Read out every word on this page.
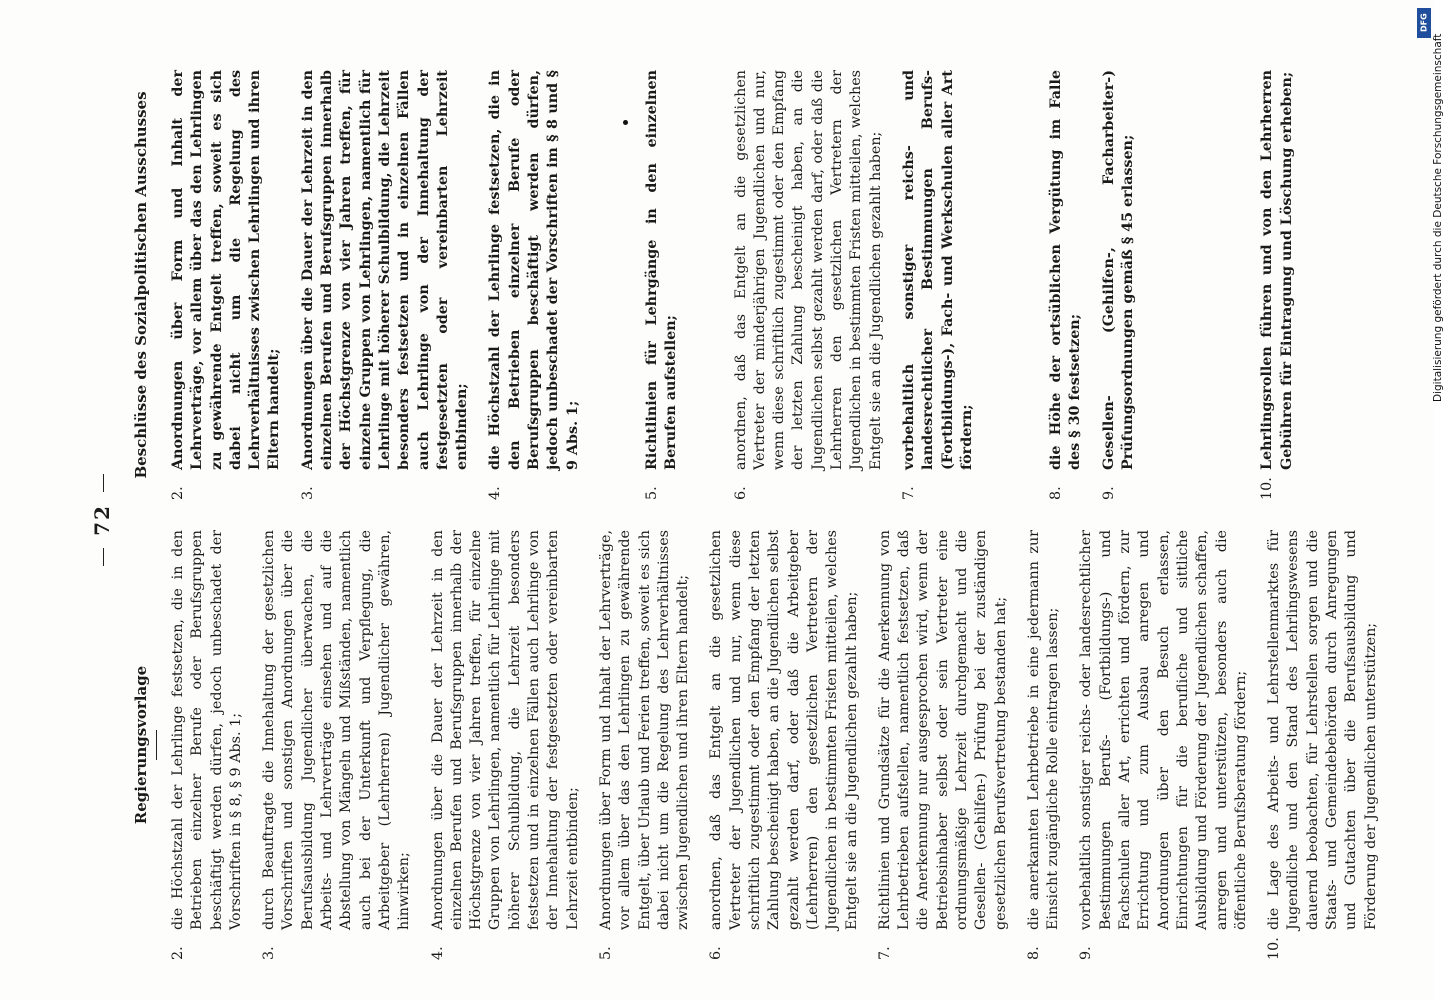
72
Regierungsvorlage
2.
die Höchstzahl der Lehrlinge festsetzen, die in den Betrieben einzelner Berufe oder Berufsgruppen beschäftigt werden dürfen, jedoch unbeschadet der Vorschriften in § 8, § 9 Abs. 1;
3.
durch Beauftragte die Innehaltung der gesetzlichen Vorschriften und sonstigen Anordnungen über die Berufsausbildung Jugendlicher überwachen, die Arbeits- und Lehrverträge einsehen und auf die Abstellung von Mängeln und Mißständen, namentlich auch bei der Unterkunft und Verpflegung, die Arbeitgeber (Lehrherren) Jugendlicher gewähren, hinwirken;
4.
Anordnungen über die Dauer der Lehrzeit in den einzelnen Berufen und Berufsgruppen innerhalb der Höchstgrenze von vier Jahren treffen, für einzelne Gruppen von Lehrlingen, namentlich für Lehrlinge mit höherer Schulbildung, die Lehrzeit besonders festsetzen und in einzelnen Fällen auch Lehrlinge von der Innehaltung der festgesetzten oder vereinbarten Lehrzeit entbinden;
5.
Anordnungen über Form und Inhalt der Lehrverträge, vor allem über das den Lehrlingen zu gewährende Entgelt, über Urlaub und Ferien treffen, soweit es sich dabei nicht um die Regelung des Lehrverhältnisses zwischen Jugendlichen und ihren Eltern handelt;
6.
anordnen, daß das Entgelt an die gesetzlichen Vertreter der Jugendlichen und nur, wenn diese schriftlich zugestimmt oder den Empfang der letzten Zahlung bescheinigt haben, an die Jugendlichen selbst gezahlt werden darf, oder daß die Arbeitgeber (Lehrherren) den gesetzlichen Vertretern der Jugendlichen in bestimmten Fristen mitteilen, welches Entgelt sie an die Jugendlichen gezahlt haben;
7.
Richtlinien und Grundsätze für die Anerkennung von Lehrbetrieben aufstellen, namentlich festsetzen, daß die Anerkennung nur ausgesprochen wird, wenn der Betriebsinhaber selbst oder sein Vertreter eine ordnungsmäßige Lehrzeit durchgemacht und die Gesellen- (Gehilfen-) Prüfung bei der zuständigen gesetzlichen Berufsvertretung bestanden hat;
8.
die anerkannten Lehrbetriebe in eine jedermann zur Einsicht zugängliche Rolle eintragen lassen;
9.
vorbehaltlich sonstiger reichs- oder landesrechtlicher Bestimmungen Berufs- (Fortbildungs-) und Fachschulen aller Art, errichten und fördern, zur Errichtung und zum Ausbau anregen und Anordnungen über den Besuch erlassen, Einrichtungen für die berufliche und sittliche Ausbildung und Förderung der Jugendlichen schaffen, anregen und unterstützen, besonders auch die öffentliche Berufsberatung fördern;
10.
die Lage des Arbeits- und Lehrstellenmarktes für Jugendliche und den Stand des Lehrlingswesens dauernd beobachten, für Lehrstellen sorgen und die Staats- und Gemeindebehörden durch Anregungen und Gutachten über die Berufsausbildung und Förderung der Jugendlichen unterstützen;
Beschlüsse des Sozialpolitischen Ausschusses
2.
Anordnungen über Form und Inhalt der Lehrverträge, vor allem über das den Lehrlingen zu gewährende Entgelt treffen, soweit es sich dabei nicht um die Regelung des Lehrverhältnisses zwischen Lehrlingen und ihren Eltern handelt;
3.
Anordnungen über die Dauer der Lehrzeit in den einzelnen Berufen und Berufsgruppen innerhalb der Höchstgrenze von vier Jahren treffen, für einzelne Gruppen von Lehrlingen, namentlich für Lehrlinge mit höherer Schulbildung, die Lehrzeit besonders festsetzen und in einzelnen Fällen auch Lehrlinge von der Innehaltung der festgesetzten oder vereinbarten Lehrzeit entbinden;
4.
die Höchstzahl der Lehrlinge festsetzen, die in den Betrieben einzelner Berufe oder Berufsgruppen beschäftigt werden dürfen, jedoch unbeschadet der Vorschriften im § 8 und § 9 Abs. 1;
5.
Richtlinien für Lehrgänge in den einzelnen Berufen aufstellen;
6.
anordnen, daß das Entgelt an die gesetzlichen Vertreter der minderjährigen Jugendlichen und nur, wenn diese schriftlich zugestimmt oder den Empfang der letzten Zahlung bescheinigt haben, an die Jugendlichen selbst gezahlt werden darf, oder daß die Lehrherren den gesetzlichen Vertretern der Jugendlichen in bestimmten Fristen mitteilen, welches Entgelt sie an die Jugendlichen gezahlt haben;
7.
vorbehaltlich sonstiger reichs- und landesrechtlicher Bestimmungen Berufs- (Fortbildungs-), Fach- und Werkschulen aller Art fördern;
8.
die Höhe der ortsüblichen Vergütung im Falle des § 30 festsetzen;
9.
Gesellen- (Gehilfen-, Facharbeiter-) Prüfungsordnungen gemäß § 45 erlassen;
10.
Lehrlingsrollen führen und von den Lehrherren Gebühren für Eintragung und Löschung erheben;
DFG
Digitalisierung gefördert durch die Deutsche Forschungsgemeinschaft
